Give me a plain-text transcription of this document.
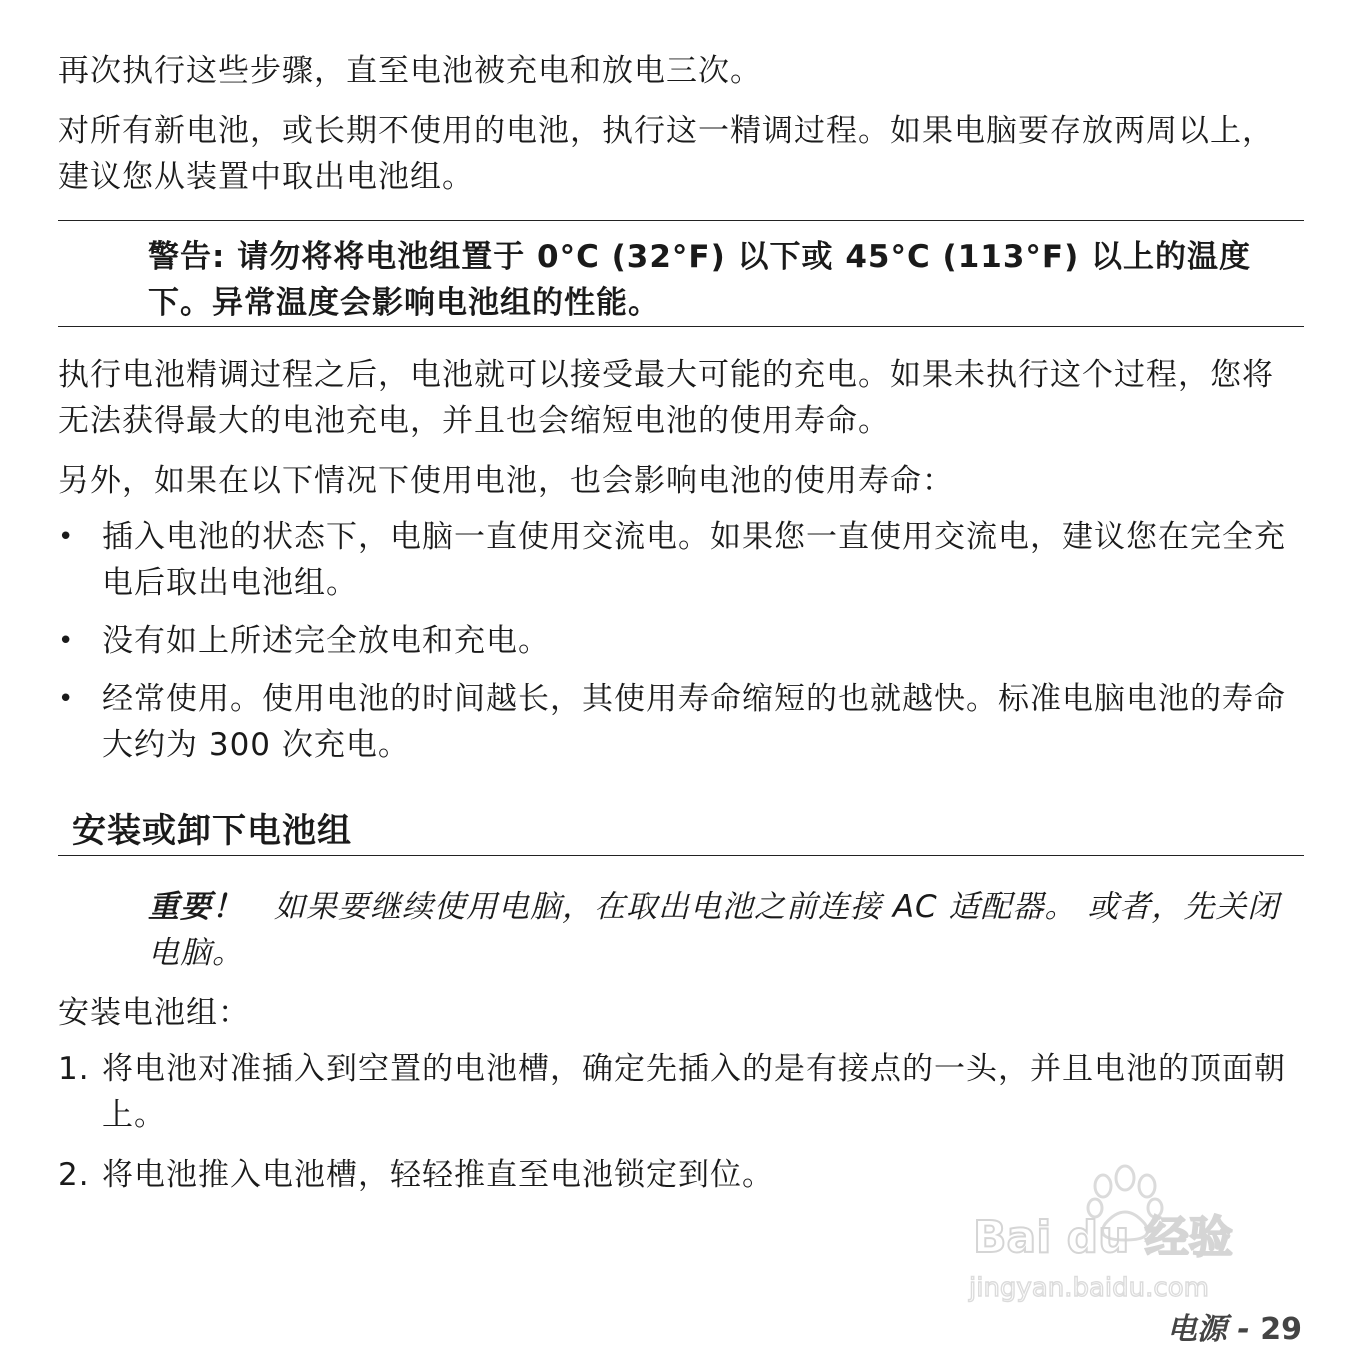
再次执行这些步骤，直至电池被充电和放电三次。

对所有新电池，或长期不使用的电池，执行这一精调过程。如果电脑要存放两周以上，建议您从装置中取出电池组。

警告: 请勿将将电池组置于 0°C (32°F) 以下或 45°C (113°F) 以上的温度下。异常温度会影响电池组的性能。

执行电池精调过程之后，电池就可以接受最大可能的充电。如果未执行这个过程，您将无法获得最大的电池充电，并且也会缩短电池的使用寿命。

另外，如果在以下情况下使用电池，也会影响电池的使用寿命：

• 插入电池的状态下，电脑一直使用交流电。如果您一直使用交流电，建议您在完全充电后取出电池组。
• 没有如上所述完全放电和充电。
• 经常使用。使用电池的时间越长，其使用寿命缩短的也就越快。标准电脑电池的寿命大约为 300 次充电。
安装或卸下电池组
重要！ 如果要继续使用电脑，在取出电池之前连接 AC 适配器。 或者，先关闭电脑。

安装电池组：

1. 将电池对准插入到空置的电池槽，确定先插入的是有接点的一头，并且电池的顶面朝上。
2. 将电池推入电池槽，轻轻推直至电池锁定到位。
Bai du 经验
jingyan.baidu.com
电源 - 29
